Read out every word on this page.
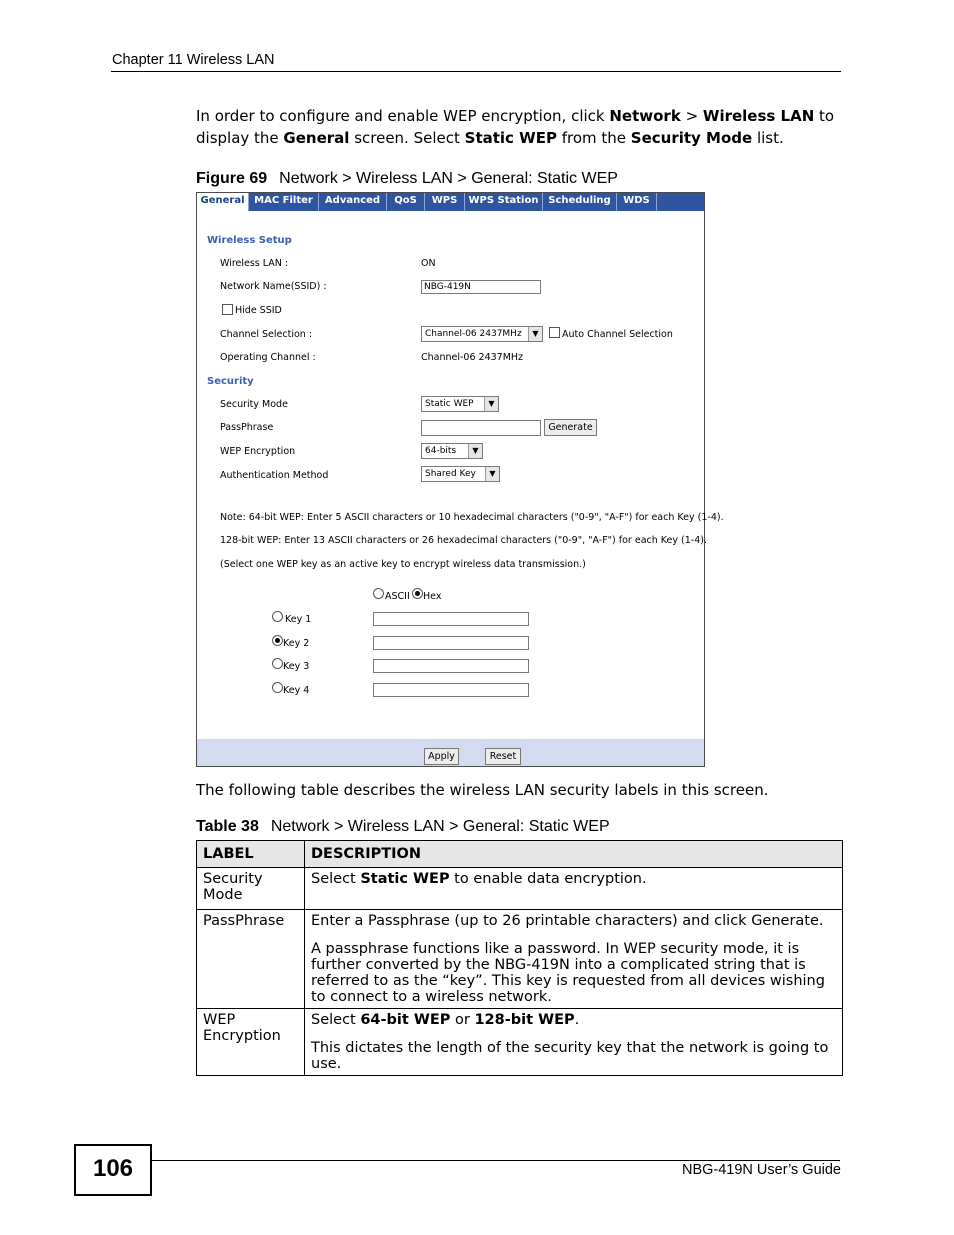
Chapter 11 Wireless LAN
In order to configure and enable WEP encryption, click Network > Wireless LAN to display the General screen. Select Static WEP from the Security Mode list.
Figure 69 Network > Wireless LAN > General: Static WEP
General MAC Filter	Advanced	QoS	WPS	WPS Station Scheduling	WDS
Wireless Setup
Wireless LAN :	ON
Network Name(SSID) :	NBG-419N
Hide SSID
Channel Selection :	Channel-06 2437MHz	▼	Auto Channel Selection
Operating Channel :	Channel-06 2437MHz
Security
Security Mode	Static WEP	▼
PassPhrase	Generate
WEP Encryption	64-bits	▼
Authentication Method	Shared Key	▼
Note: 64-bit WEP: Enter 5 ASCII characters or 10 hexadecimal characters ("0-9", "A-F") for each Key (1-4).
128-bit WEP: Enter 13 ASCII characters or 26 hexadecimal characters ("0-9", "A-F") for each Key (1-4).
(Select one WEP key as an active key to encrypt wireless data transmission.)
ASCII Hex
Key 1
Key 2
Key 3
Key 4
Apply	Reset
The following table describes the wireless LAN security labels in this screen.
Table 38 Network > Wireless LAN > General: Static WEP
LABEL	DESCRIPTION
Security Mode	Select Static WEP to enable data encryption.
PassPhrase	Enter a Passphrase (up to 26 printable characters) and click Generate.

A passphrase functions like a password. In WEP security mode, it is further converted by the NBG-419N into a complicated string that is referred to as the “key”. This key is requested from all devices wishing to connect to a wireless network.

WEP Encryption	Select 64-bit WEP or 128-bit WEP.

This dictates the length of the security key that the network is going to use.

106	NBG-419N User’s Guide
